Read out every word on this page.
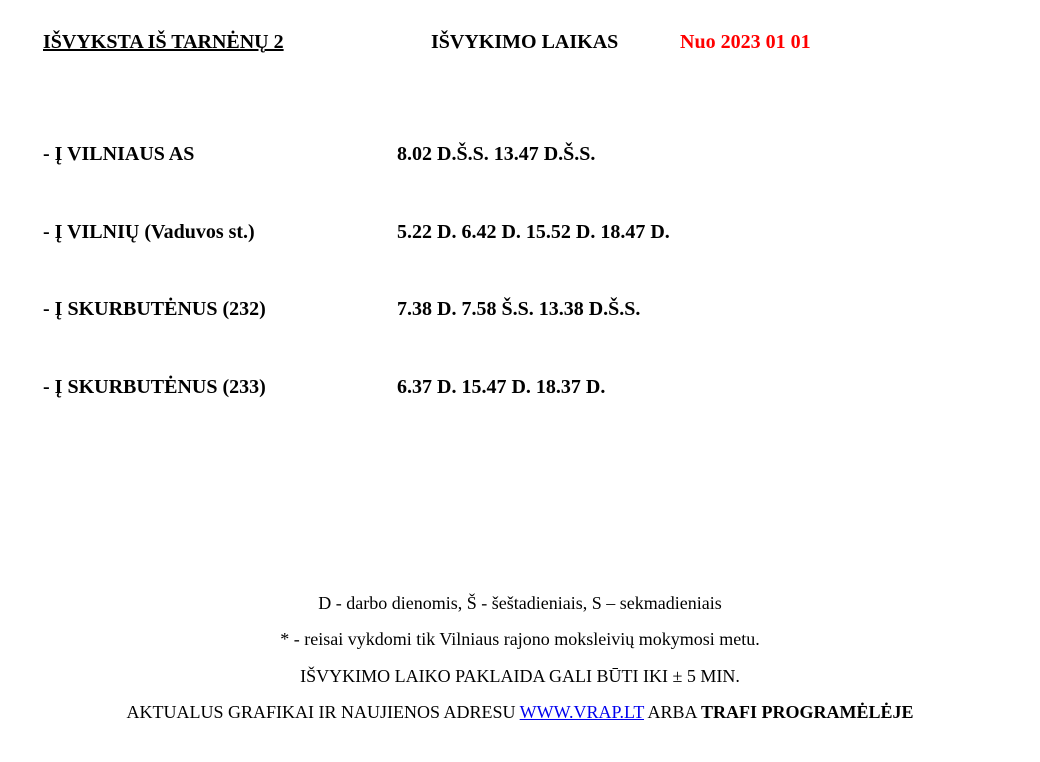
IŠVYKSTA IŠ TARNĖNŲ 2	IŠVYKIMO LAIKAS	Nuo 2023 01 01
- Į VILNIAUS AS	8.02 D.Š.S. 13.47 D.Š.S.
- Į VILNIŲ (Vaduvos st.)	5.22 D. 6.42 D. 15.52 D. 18.47 D.
- Į SKURBUTĖNUS (232)	7.38 D. 7.58 Š.S. 13.38 D.Š.S.
- Į SKURBUTĖNUS (233)	6.37 D. 15.47 D. 18.37 D.
D - darbo dienomis, Š - šeštadieniais, S – sekmadieniais
* - reisai vykdomi tik Vilniaus rajono moksleivių mokymosi metu.
IŠVYKIMO LAIKO PAKLAIDA GALI BŪTI IKI ± 5 MIN.
AKTUALUS GRAFIKAI IR NAUJIENOS ADRESU WWW.VRAP.LT ARBA TRAFI PROGRAMĖLĖJE
